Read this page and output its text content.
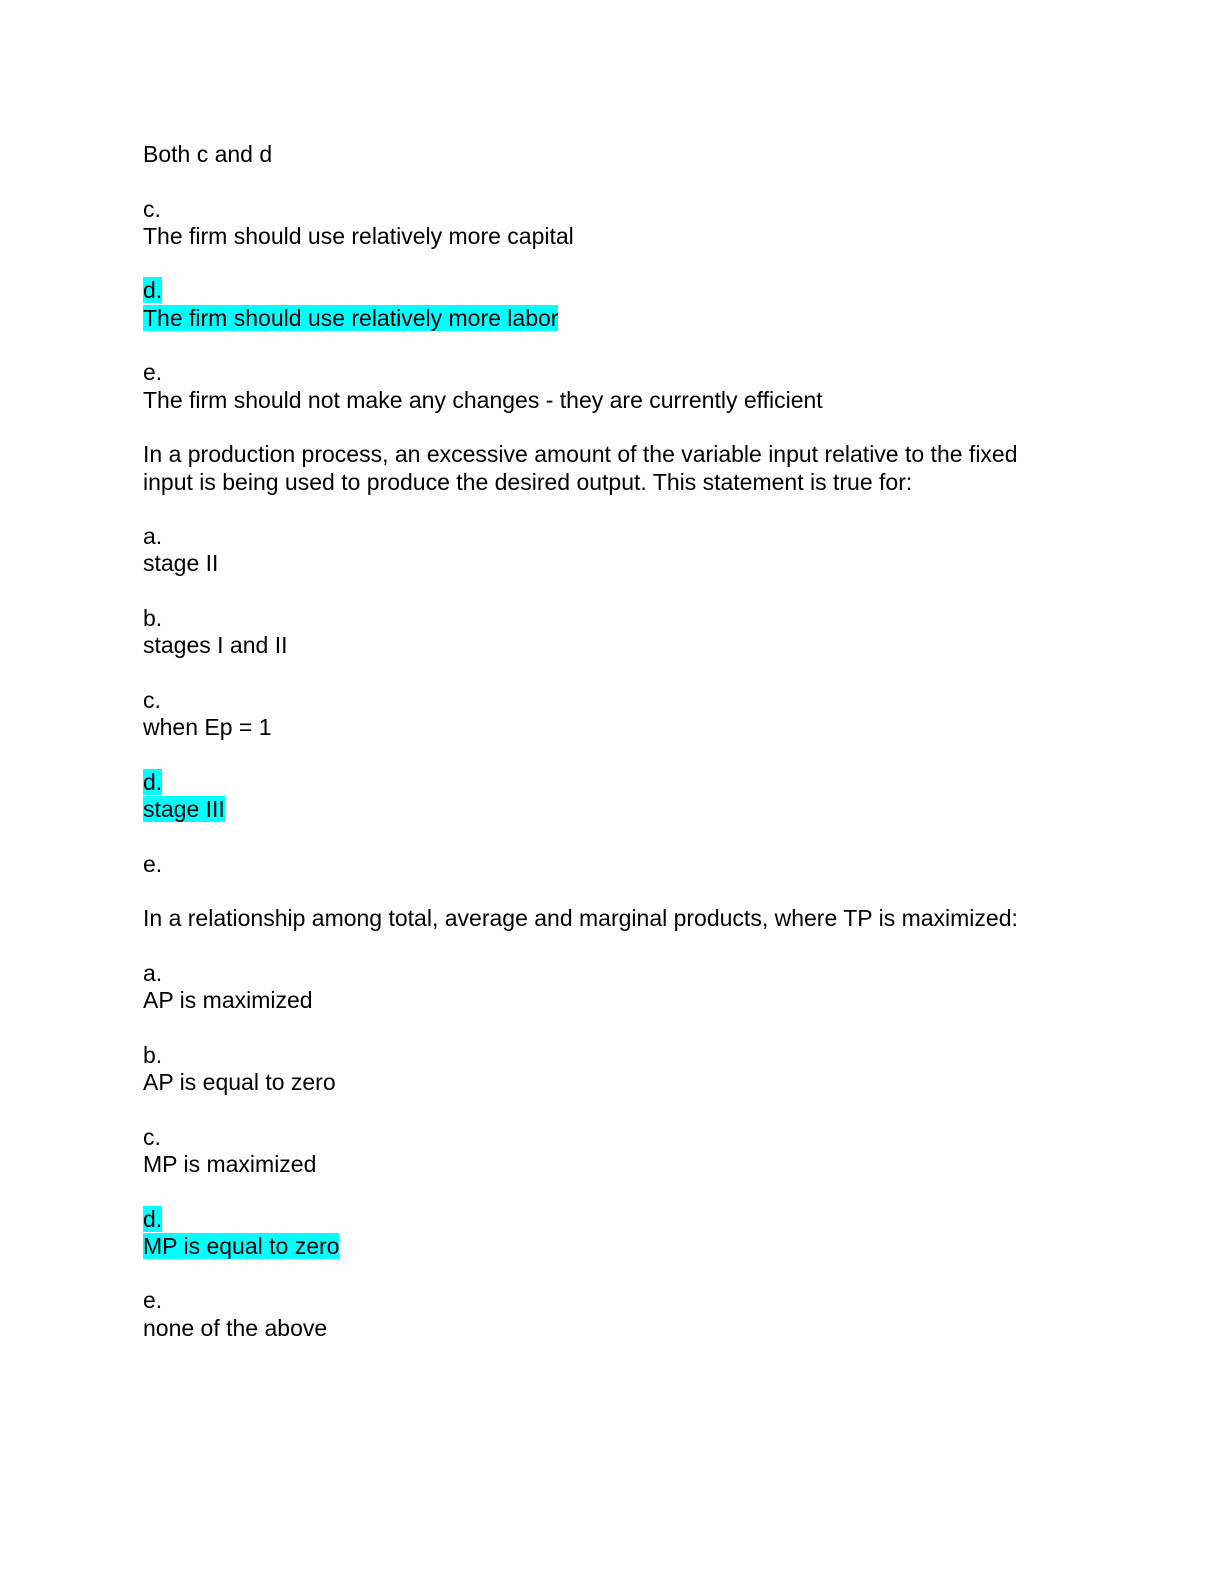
Both c and d

c.

The firm should use relatively more capital

d.

The firm should use relatively more labor

e.

The firm should not make any changes - they are currently efficient

In a production process, an excessive amount of the variable input relative to the fixed input is being used to produce the desired output. This statement is true for:

a.

stage II

b.

stages I and II

c.

when Ep = 1

d.

stage III

e.

In a relationship among total, average and marginal products, where TP is maximized:

a.

AP is maximized

b.

AP is equal to zero

c.

MP is maximized

d.

MP is equal to zero

e.

none of the above
